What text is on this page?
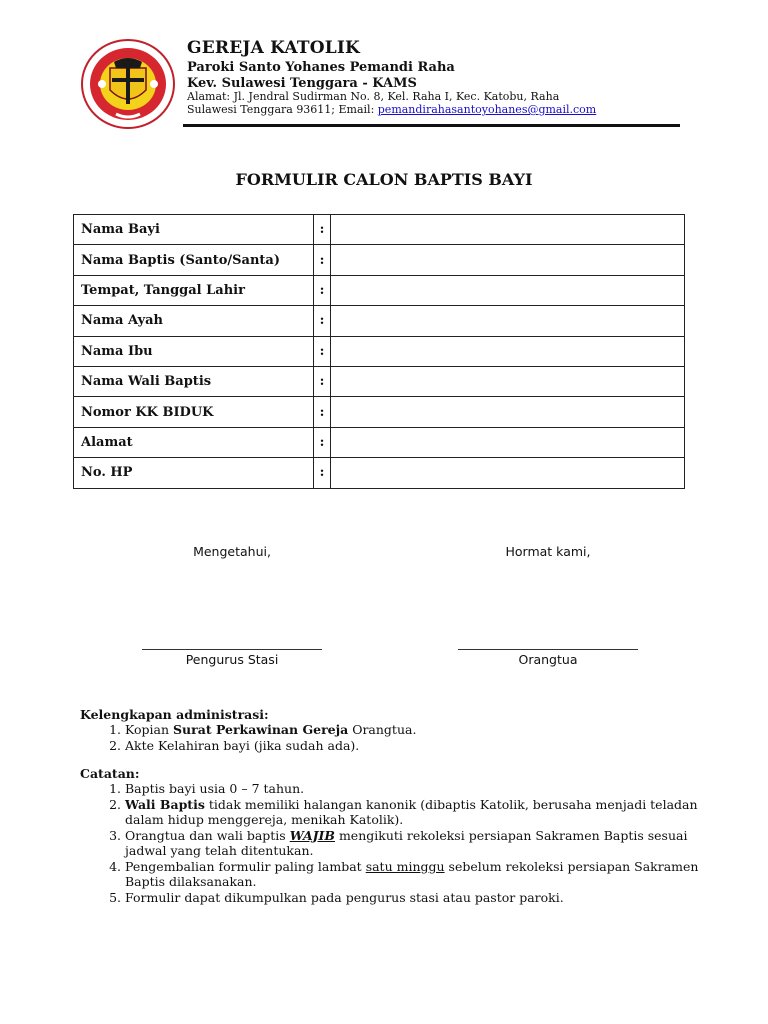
GEREJA KATOLIK
Paroki Santo Yohanes Pemandi Raha
Kev. Sulawesi Tenggara - KAMS
Alamat: Jl. Jendral Sudirman No. 8, Kel. Raha I, Kec. Katobu, Raha
Sulawesi Tenggara 93611; Email: pemandirahasantoyohanes@gmail.com
FORMULIR CALON BAPTIS BAYI
Nama Bayi	:	
Nama Baptis (Santo/Santa)	:	
Tempat, Tanggal Lahir	:	
Nama Ayah	:	
Nama Ibu	:	
Nama Wali Baptis	:	
Nomor KK BIDUK	:	
Alamat	:	
No. HP	:	
Mengetahui,	Hormat kami,
Pengurus Stasi	Orangtua
Kelengkapan administrasi:
1. Kopian Surat Perkawinan Gereja Orangtua.
2. Akte Kelahiran bayi (jika sudah ada).
Catatan:
1. Baptis bayi usia 0 – 7 tahun.
2. Wali Baptis tidak memiliki halangan kanonik (dibaptis Katolik, berusaha menjadi teladan dalam hidup menggereja, menikah Katolik).
3. Orangtua dan wali baptis WAJIB mengikuti rekoleksi persiapan Sakramen Baptis sesuai jadwal yang telah ditentukan.
4. Pengembalian formulir paling lambat satu minggu sebelum rekoleksi persiapan Sakramen Baptis dilaksanakan.
5. Formulir dapat dikumpulkan pada pengurus stasi atau pastor paroki.
